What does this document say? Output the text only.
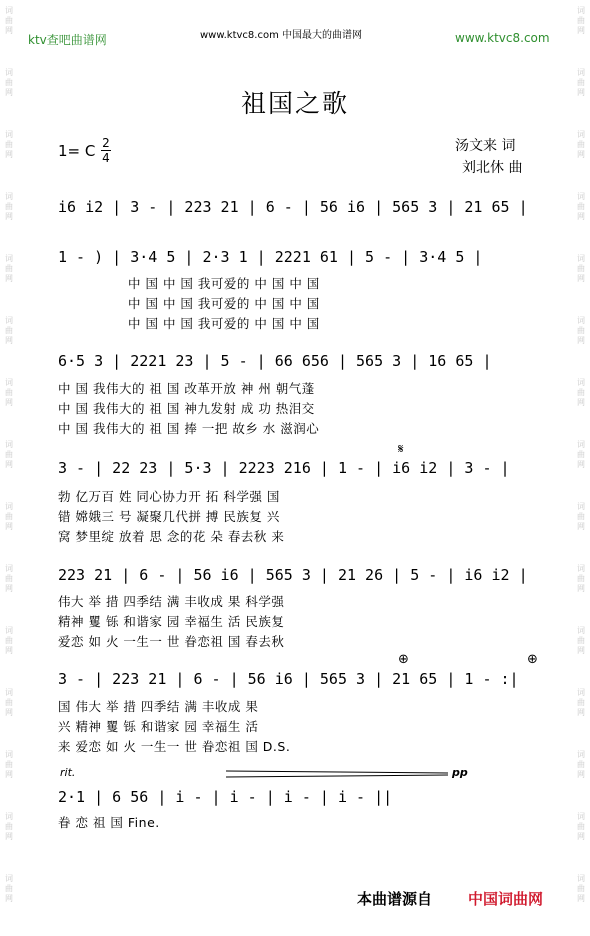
ktv查吧曲谱网	www.ktvc8.com 中国最大的曲谱网	www.ktvc8.com
词
曲
网
词
曲
网
词
曲
网
词
曲
网
词
曲
网
词
曲
网
词
曲
网
词
曲
网
词
曲
网
词
曲
网
词
曲
网
词
曲
网
词
曲
网
词
曲
网
词
曲
网
词
曲
网
词
曲
网
词
曲
网
词
曲
网
词
曲
网
词
曲
网
词
曲
网
词
曲
网
词
曲
网
词
曲
网
词
曲
网
词
曲
网
词
曲
网
词
曲
网
词
曲
网
祖国之歌
1= C 2
4
汤文来 词
刘北休 曲
i6 i2 | 3 - | 223 21 | 6 - | 56 i6 | 565 3 | 21 65 |
1 - ) | 3·4 5 | 2·3 1 | 2221 61 | 5 - | 3·4 5 |
中 国 中 国 我可爱的 中 国 中 国
中 国 中 国 我可爱的 中 国 中 国
中 国 中 国 我可爱的 中 国 中 国
6·5 3 | 2221 23 | 5 - | 66 656 | 565 3 | 16 65 |
中 国 我伟大的 祖 国 改革开放 神 州 朝气蓬
中 国 我伟大的 祖 国 神九发射 成 功 热泪交
中 国 我伟大的 祖 国 捧 一把 故乡 水 滋润心
𝄋
3 - | 22 23 | 5·3 | 2223 216 | 1 - | i6 i2 | 3 - |
勃 亿万百 姓 同心协力开 拓 科学强 国
错 嫦娥三 号 凝聚几代拼 搏 民族复 兴
窝 梦里绽 放着 思 念的花 朵 春去秋 来
223 21 | 6 - | 56 i6 | 565 3 | 21 26 | 5 - | i6 i2 |
伟大 举 措 四季结 满 丰收成 果 科学强
精神 矍 铄 和谐家 园 幸福生 活 民族复
爱恋 如 火 一生一 世 眷恋祖 国 春去秋
⊕	⊕
3 - | 223 21 | 6 - | 56 i6 | 565 3 | 21 65 | 1 - :|
国 伟大 举 措 四季结 满 丰收成 果
兴 精神 矍 铄 和谐家 园 幸福生 活
来 爱恋 如 火 一生一 世 眷恋祖 国 D.S.
rit.	pp
2·1 | 6 56 | i - | i - | i - | i - ||
眷 恋 祖 国 Fine.
本曲谱源自 中国词曲网
